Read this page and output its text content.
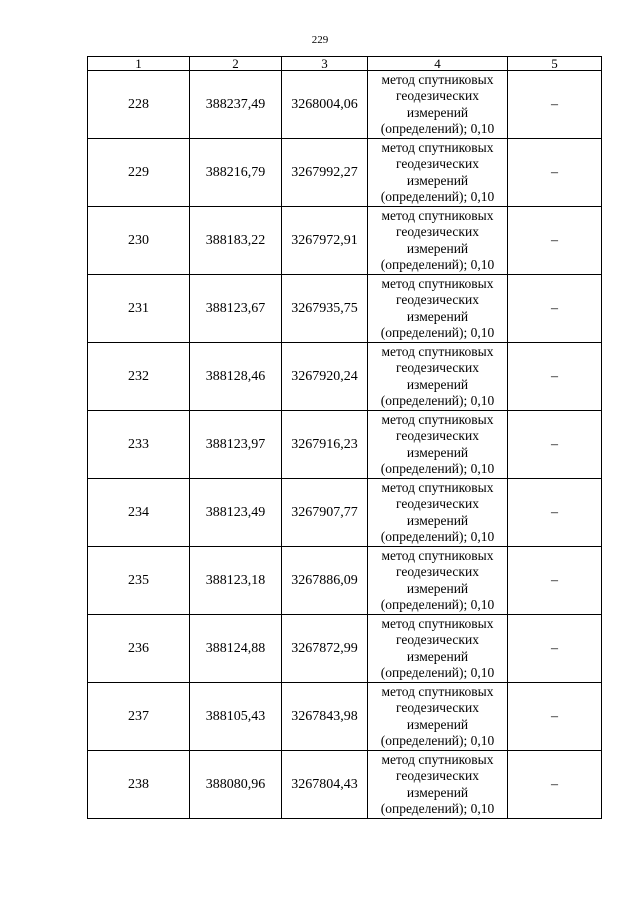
229
1	2	3	4	5
228	388237,49	3268004,06	метод спутниковых
геодезических
измерений
(определений); 0,10	–
229	388216,79	3267992,27	метод спутниковых
геодезических
измерений
(определений); 0,10	–
230	388183,22	3267972,91	метод спутниковых
геодезических
измерений
(определений); 0,10	–
231	388123,67	3267935,75	метод спутниковых
геодезических
измерений
(определений); 0,10	–
232	388128,46	3267920,24	метод спутниковых
геодезических
измерений
(определений); 0,10	–
233	388123,97	3267916,23	метод спутниковых
геодезических
измерений
(определений); 0,10	–
234	388123,49	3267907,77	метод спутниковых
геодезических
измерений
(определений); 0,10	–
235	388123,18	3267886,09	метод спутниковых
геодезических
измерений
(определений); 0,10	–
236	388124,88	3267872,99	метод спутниковых
геодезических
измерений
(определений); 0,10	–
237	388105,43	3267843,98	метод спутниковых
геодезических
измерений
(определений); 0,10	–
238	388080,96	3267804,43	метод спутниковых
геодезических
измерений
(определений); 0,10	–
